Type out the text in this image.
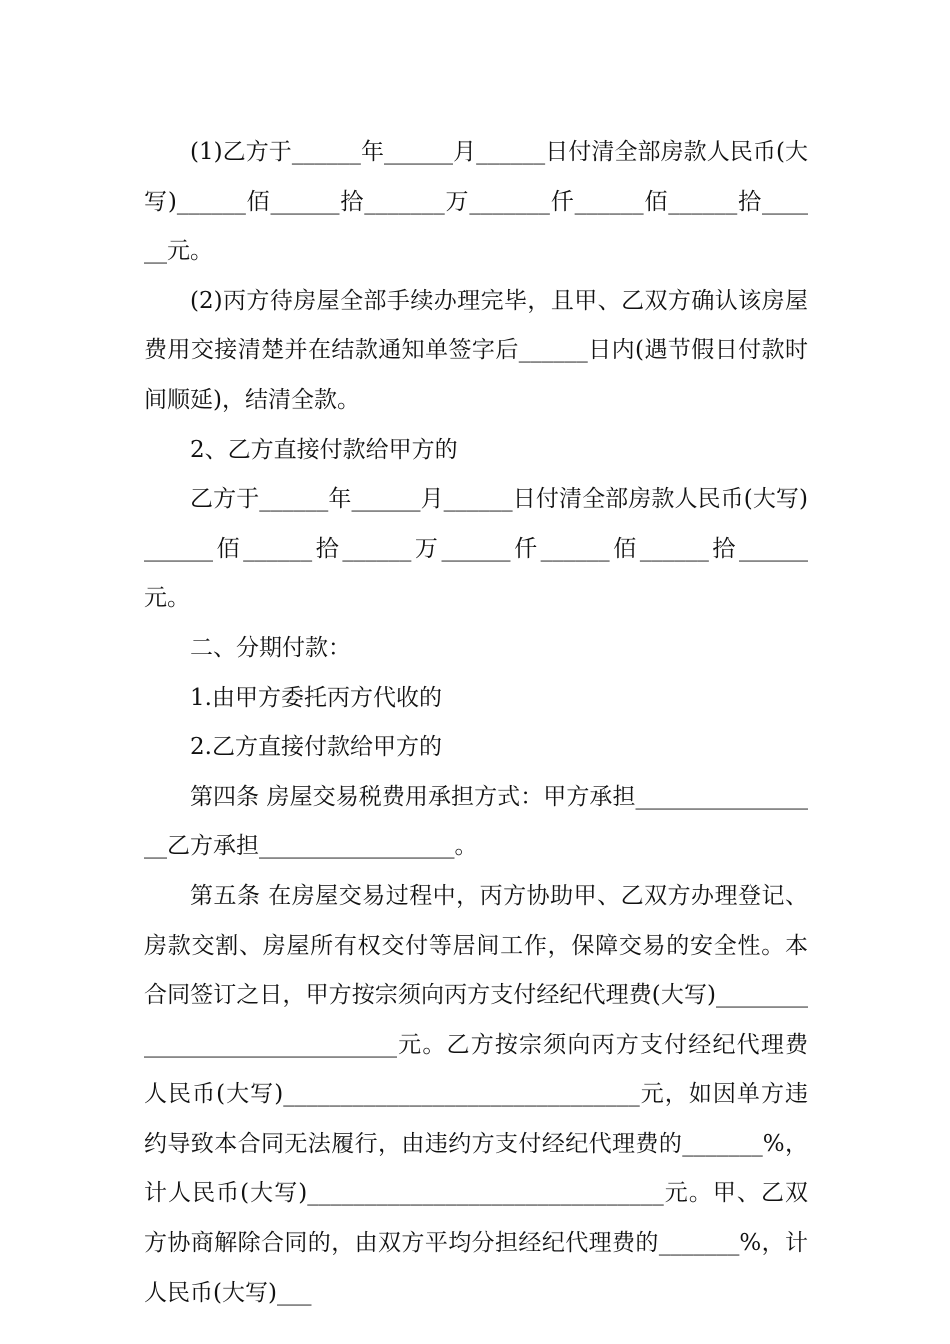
(1)乙方于______年______月______日付清全部房款人民币(大写)______佰______拾_______万_______仟______佰______拾______元。

(2)丙方待房屋全部手续办理完毕，且甲、乙双方确认该房屋费用交接清楚并在结款通知单签字后______日内(遇节假日付款时间顺延)，结清全款。

2、乙方直接付款给甲方的

乙方于______年______月______日付清全部房款人民币(大写)______佰______拾______万______仟______佰______拾______元。

二、分期付款：

1.由甲方委托丙方代收的

2.乙方直接付款给甲方的

第四条 房屋交易税费用承担方式：甲方承担_________________乙方承担_________________。

第五条 在房屋交易过程中，丙方协助甲、乙双方办理登记、房款交割、房屋所有权交付等居间工作，保障交易的安全性。本合同签订之日，甲方按宗须向丙方支付经纪代理费(大写)______________________________元。乙方按宗须向丙方支付经纪代理费人民币(大写)_______________________________元，如因单方违约导致本合同无法履行，由违约方支付经纪代理费的_______%，计人民币(大写)_______________________________元。甲、乙双方协商解除合同的，由双方平均分担经纪代理费的_______%，计人民币(大写)___
